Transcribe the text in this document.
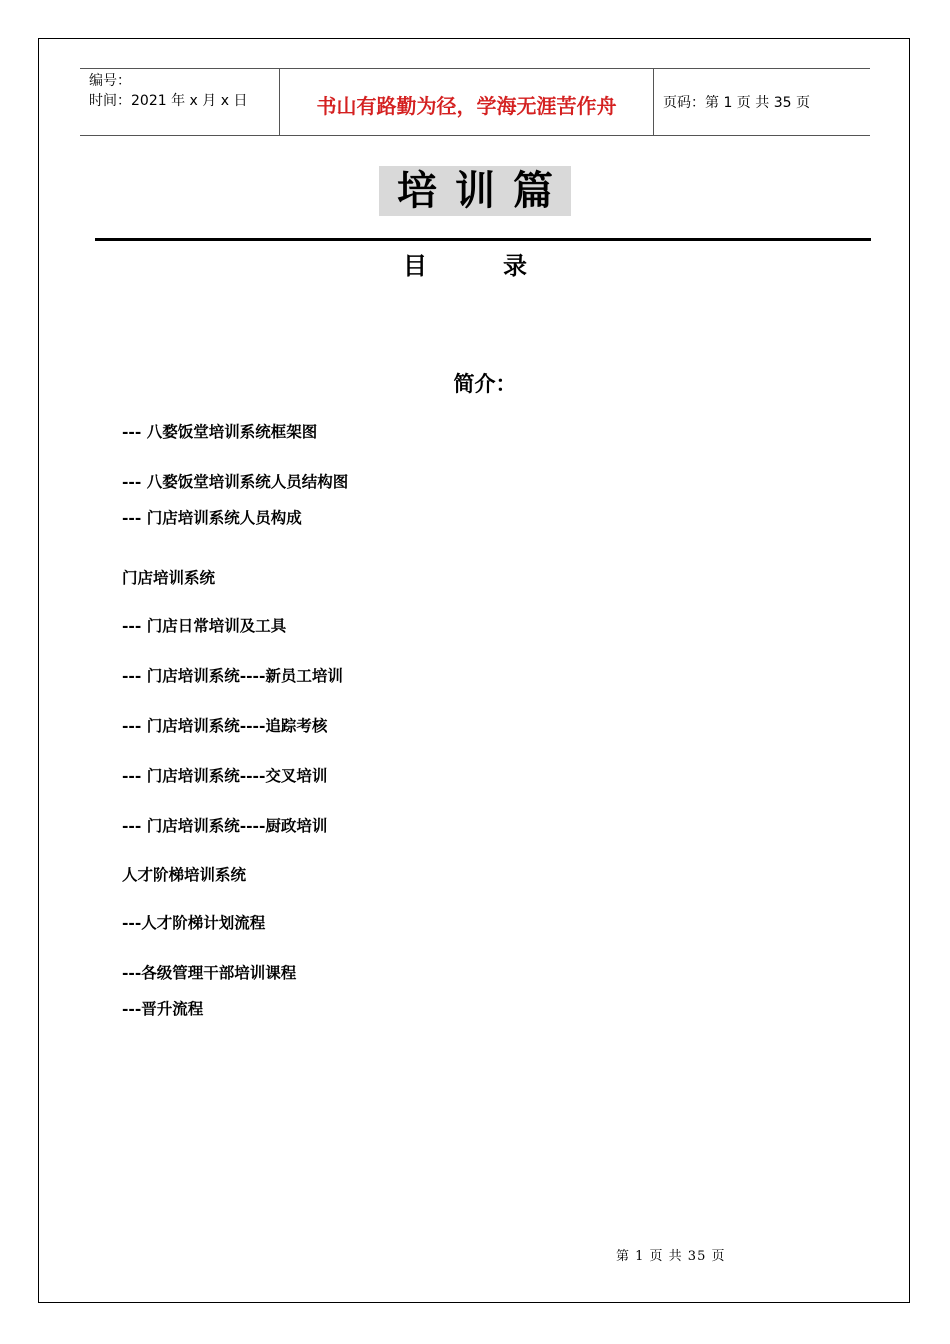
编号：
时间：2021 年 x 月 x 日	书山有路勤为径，学海无涯苦作舟	页码：第 1 页 共 35 页
培训篇
目录
简介：
--- 八婺饭堂培训系统框架图
--- 八婺饭堂培训系统人员结构图
--- 门店培训系统人员构成
门店培训系统
--- 门店日常培训及工具
--- 门店培训系统----新员工培训
--- 门店培训系统----追踪考核
--- 门店培训系统----交叉培训
--- 门店培训系统----厨政培训
人才阶梯培训系统
---人才阶梯计划流程
---各级管理干部培训课程
---晋升流程
第 1 页 共 35 页
